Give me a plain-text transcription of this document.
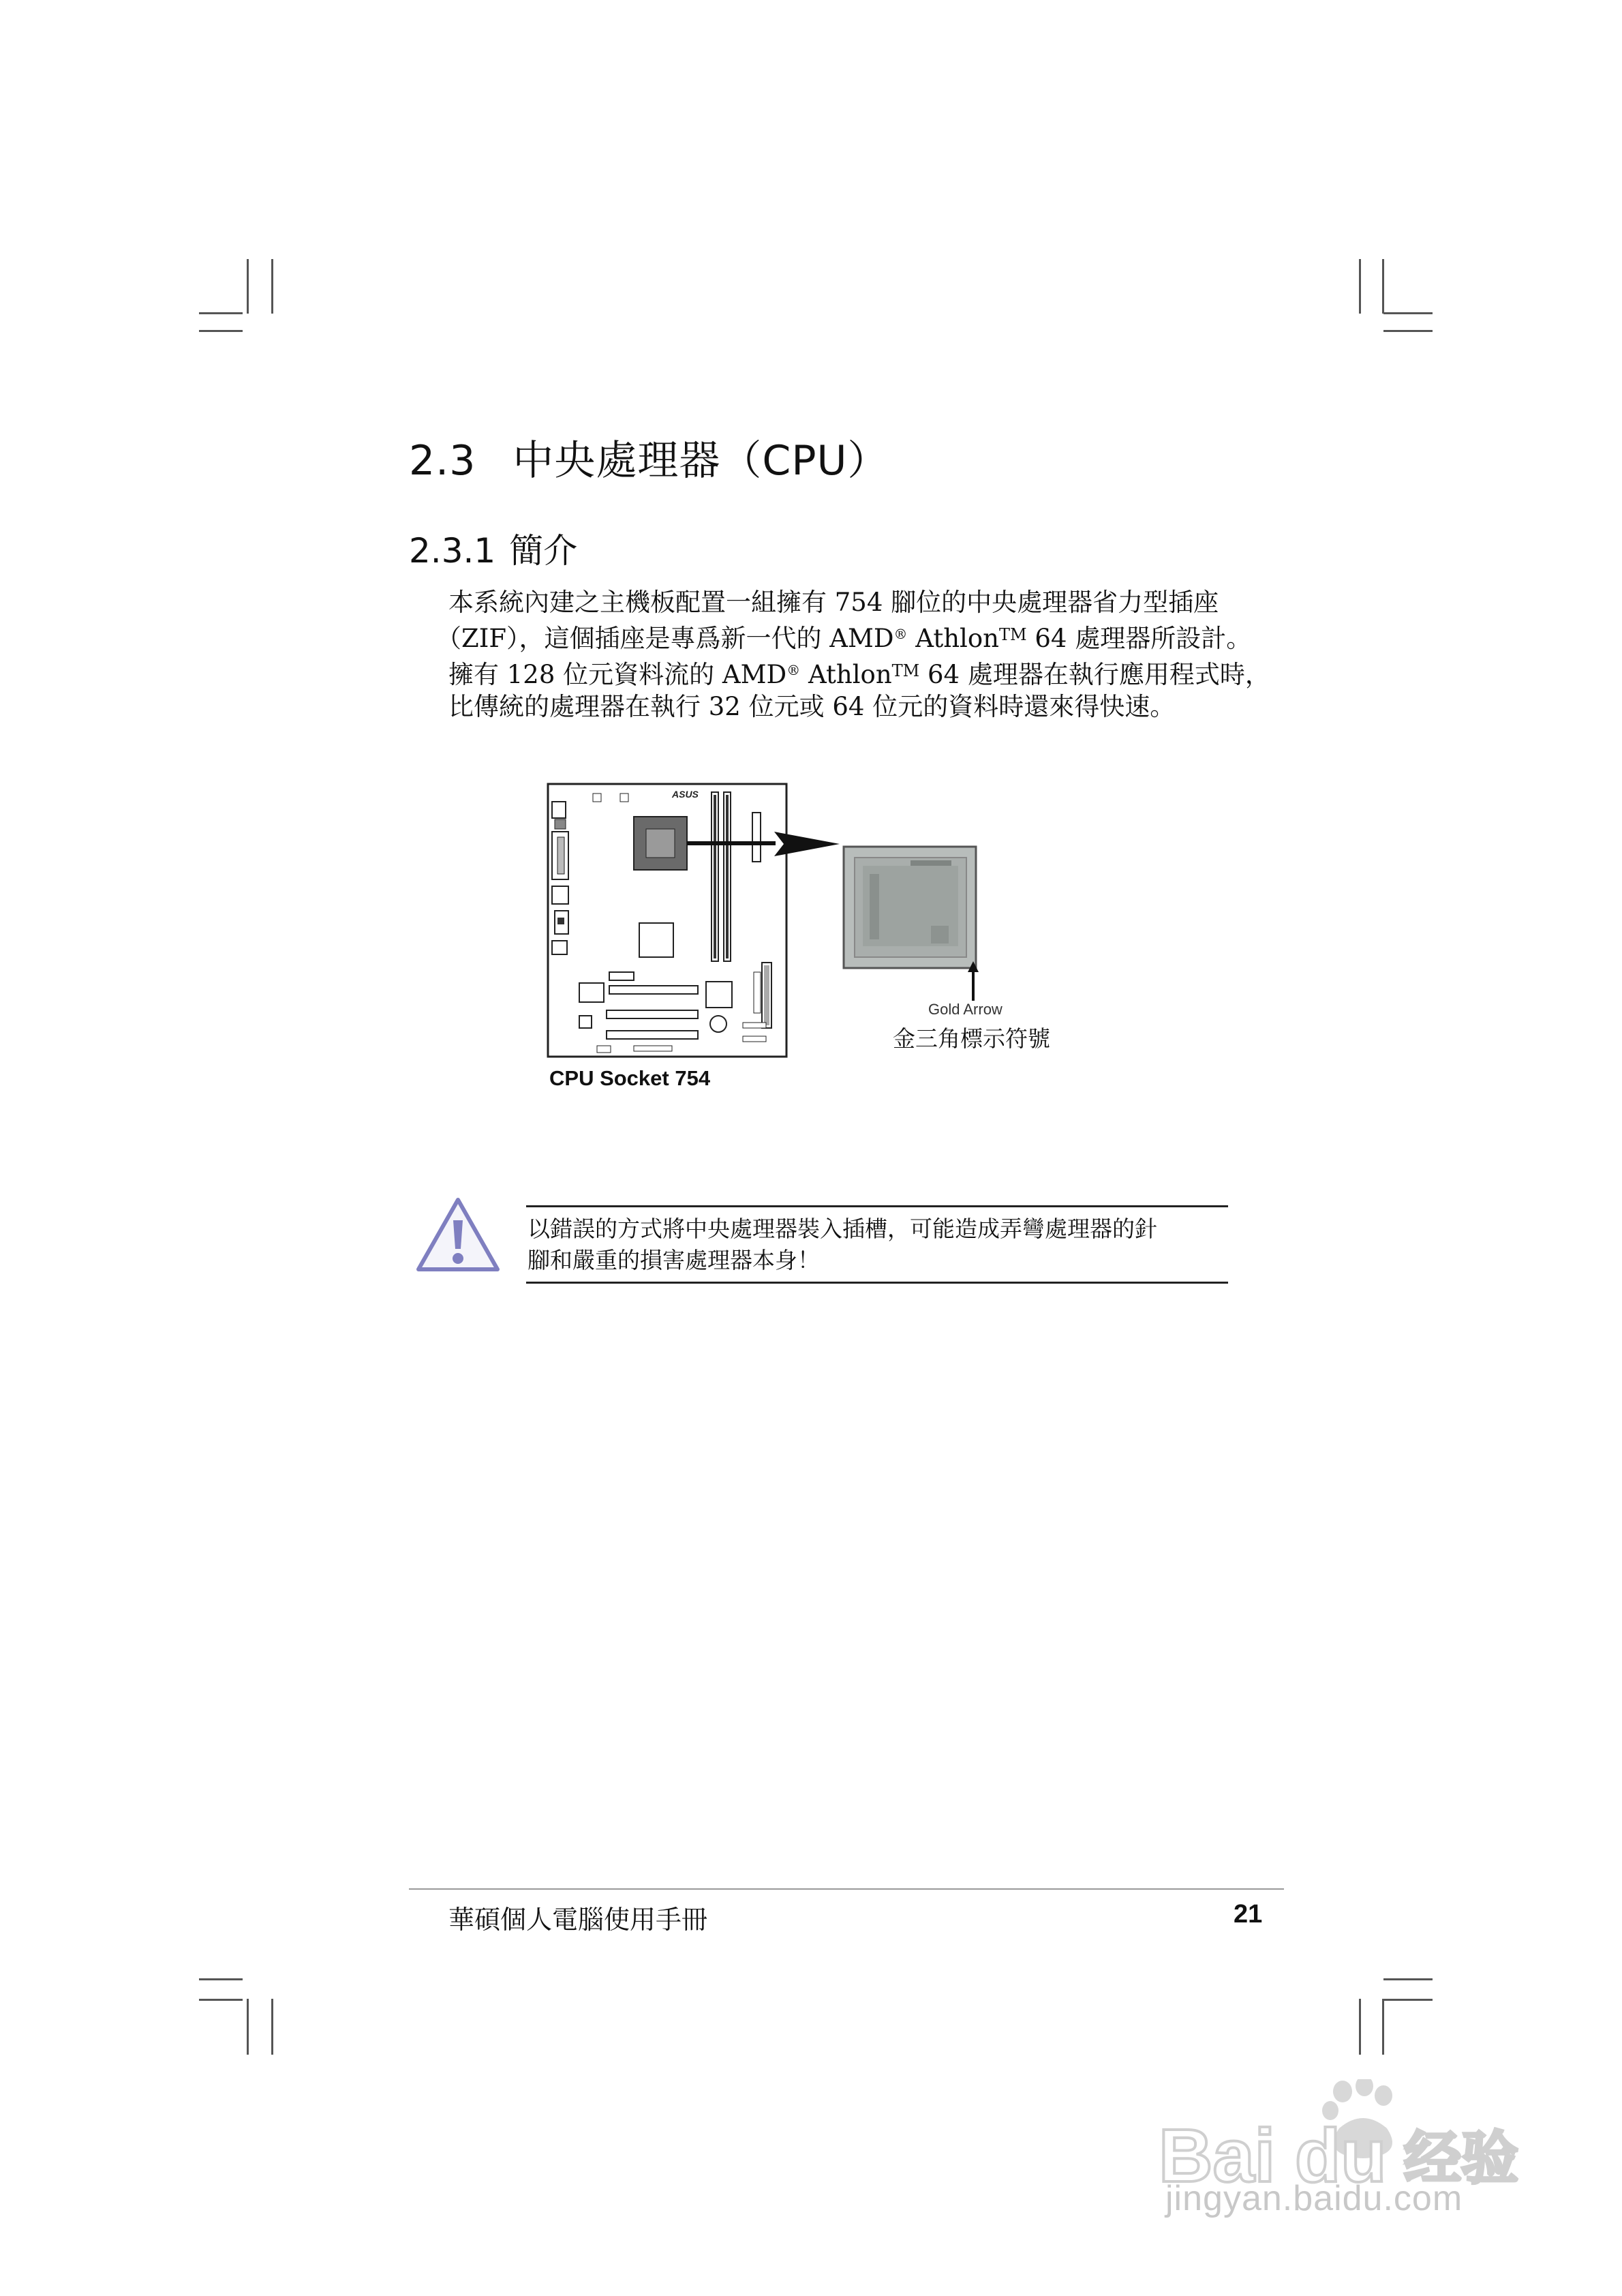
2.3 中央處理器（CPU）
2.3.1 簡介
本系統內建之主機板配置一組擁有 754 腳位的中央處理器省力型插座
（ZIF），這個插座是專爲新一代的 AMD® Athlon™ 64 處理器所設計。
擁有 128 位元資料流的 AMD® Athlon™ 64 處理器在執行應用程式時，
比傳統的處理器在執行 32 位元或 64 位元的資料時還來得快速。
ASUS
Gold Arrow
金三角標示符號
CPU Socket 754
以錯誤的方式將中央處理器裝入插槽，可能造成弄彎處理器的針
腳和嚴重的損害處理器本身！
華碩個人電腦使用手冊	21
Bai du 经验
jingyan.baidu.com
